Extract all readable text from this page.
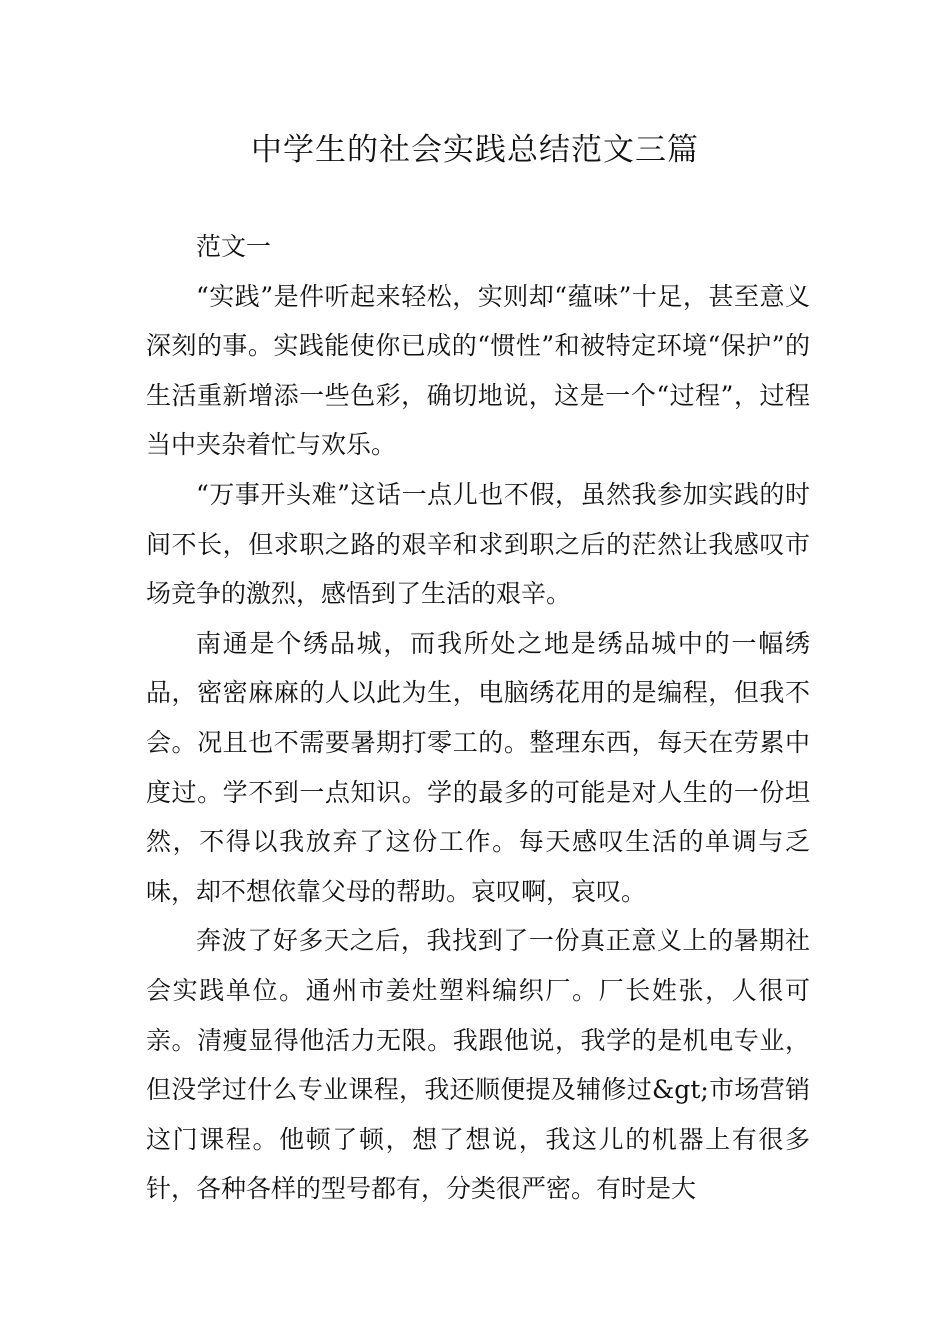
中学生的社会实践总结范文三篇

范文一

“实践”是件听起来轻松，实则却“蕴味”十足，甚至意义深刻的事。实践能使你已成的“惯性”和被特定环境“保护”的生活重新增添一些色彩，确切地说，这是一个“过程”，过程当中夹杂着忙与欢乐。

“万事开头难”这话一点儿也不假，虽然我参加实践的时间不长，但求职之路的艰辛和求到职之后的茫然让我感叹市场竞争的激烈，感悟到了生活的艰辛。

南通是个绣品城，而我所处之地是绣品城中的一幅绣品，密密麻麻的人以此为生，电脑绣花用的是编程，但我不会。况且也不需要暑期打零工的。整理东西，每天在劳累中度过。学不到一点知识。学的最多的可能是对人生的一份坦然，不得以我放弃了这份工作。每天感叹生活的单调与乏味，却不想依靠父母的帮助。哀叹啊，哀叹。

奔波了好多天之后，我找到了一份真正意义上的暑期社会实践单位。通州市姜灶塑料编织厂。厂长姓张，人很可亲。清瘦显得他活力无限。我跟他说，我学的是机电专业，但没学过什么专业课程，我还顺便提及辅修过&gt;市场营销这门课程。他顿了顿，想了想说，我这儿的机器上有很多针，各种各样的型号都有，分类很严密。有时是大
